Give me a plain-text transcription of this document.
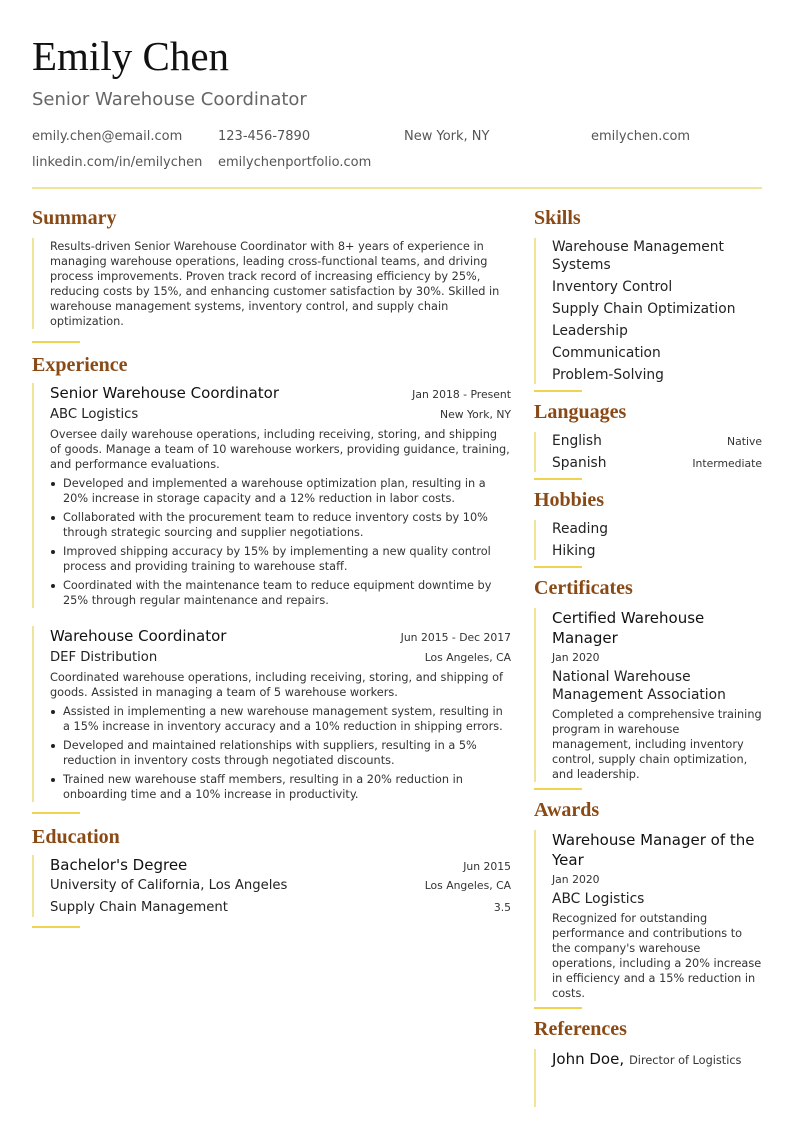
Emily Chen
Senior Warehouse Coordinator
emily.chen@email.com	123-456-7890	New York, NY	emilychen.com
linkedin.com/in/emilychen emilychenportfolio.com
Summary
Results-driven Senior Warehouse Coordinator with 8+ years of experience in managing warehouse operations, leading cross-functional teams, and driving process improvements. Proven track record of increasing efficiency by 25%, reducing costs by 15%, and enhancing customer satisfaction by 30%. Skilled in warehouse management systems, inventory control, and supply chain optimization.
Experience
Senior Warehouse Coordinator	Jan 2018 - Present
ABC Logistics	New York, NY
Oversee daily warehouse operations, including receiving, storing, and shipping of goods. Manage a team of 10 warehouse workers, providing guidance, training, and performance evaluations.
Developed and implemented a warehouse optimization plan, resulting in a 20% increase in storage capacity and a 12% reduction in labor costs.
Collaborated with the procurement team to reduce inventory costs by 10% through strategic sourcing and supplier negotiations.
Improved shipping accuracy by 15% by implementing a new quality control process and providing training to warehouse staff.
Coordinated with the maintenance team to reduce equipment downtime by 25% through regular maintenance and repairs.
Warehouse Coordinator	Jun 2015 - Dec 2017
DEF Distribution	Los Angeles, CA
Coordinated warehouse operations, including receiving, storing, and shipping of goods. Assisted in managing a team of 5 warehouse workers.
Assisted in implementing a new warehouse management system, resulting in a 15% increase in inventory accuracy and a 10% reduction in shipping errors.
Developed and maintained relationships with suppliers, resulting in a 5% reduction in inventory costs through negotiated discounts.
Trained new warehouse staff members, resulting in a 20% reduction in onboarding time and a 10% increase in productivity.
Education
Bachelor's Degree	Jun 2015
University of California, Los Angeles	Los Angeles, CA
Supply Chain Management	3.5
Skills
Warehouse Management Systems
Inventory Control
Supply Chain Optimization
Leadership
Communication
Problem-Solving
Languages
English	Native
Spanish	Intermediate
Hobbies
Reading
Hiking
Certificates
Certified Warehouse Manager
Jan 2020
National Warehouse Management Association
Completed a comprehensive training program in warehouse management, including inventory control, supply chain optimization, and leadership.
Awards
Warehouse Manager of the Year
Jan 2020
ABC Logistics
Recognized for outstanding performance and contributions to the company's warehouse operations, including a 20% increase in efficiency and a 15% reduction in costs.
References
John Doe, Director of Logistics
